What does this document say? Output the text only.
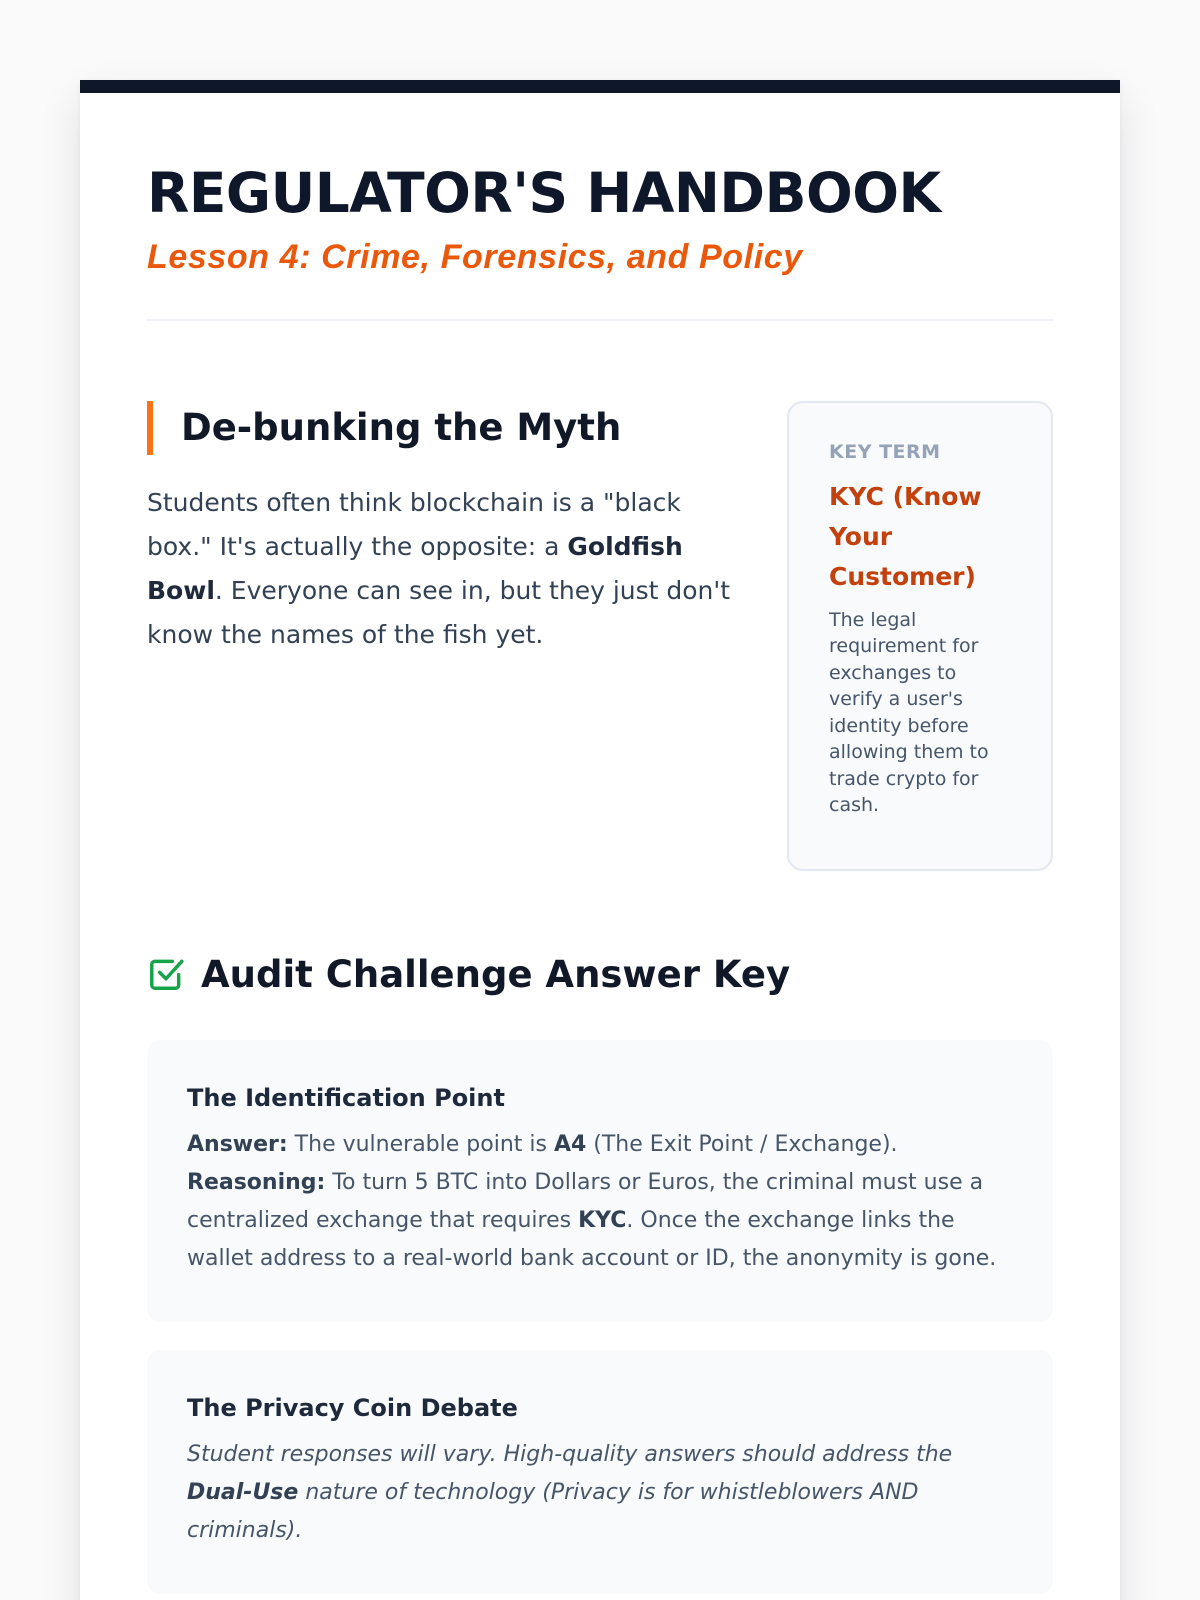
REGULATOR'S HANDBOOK
Lesson 4: Crime, Forensics, and Policy
De-bunking the Myth

Students often think blockchain is a "black box." It's actually the opposite: a Goldfish Bowl. Everyone can see in, but they just don't know the names of the fish yet.

KEY TERM
KYC (Know Your Customer)

The legal requirement for exchanges to verify a user's identity before allowing them to trade crypto for cash.

Audit Challenge Answer Key
The Identification Point

Answer: The vulnerable point is A4 (The Exit Point / Exchange).
Reasoning: To turn 5 BTC into Dollars or Euros, the criminal must use a centralized exchange that requires KYC. Once the exchange links the wallet address to a real-world bank account or ID, the anonymity is gone.

The Privacy Coin Debate

Student responses will vary. High-quality answers should address the Dual-Use nature of technology (Privacy is for whistleblowers AND criminals).
